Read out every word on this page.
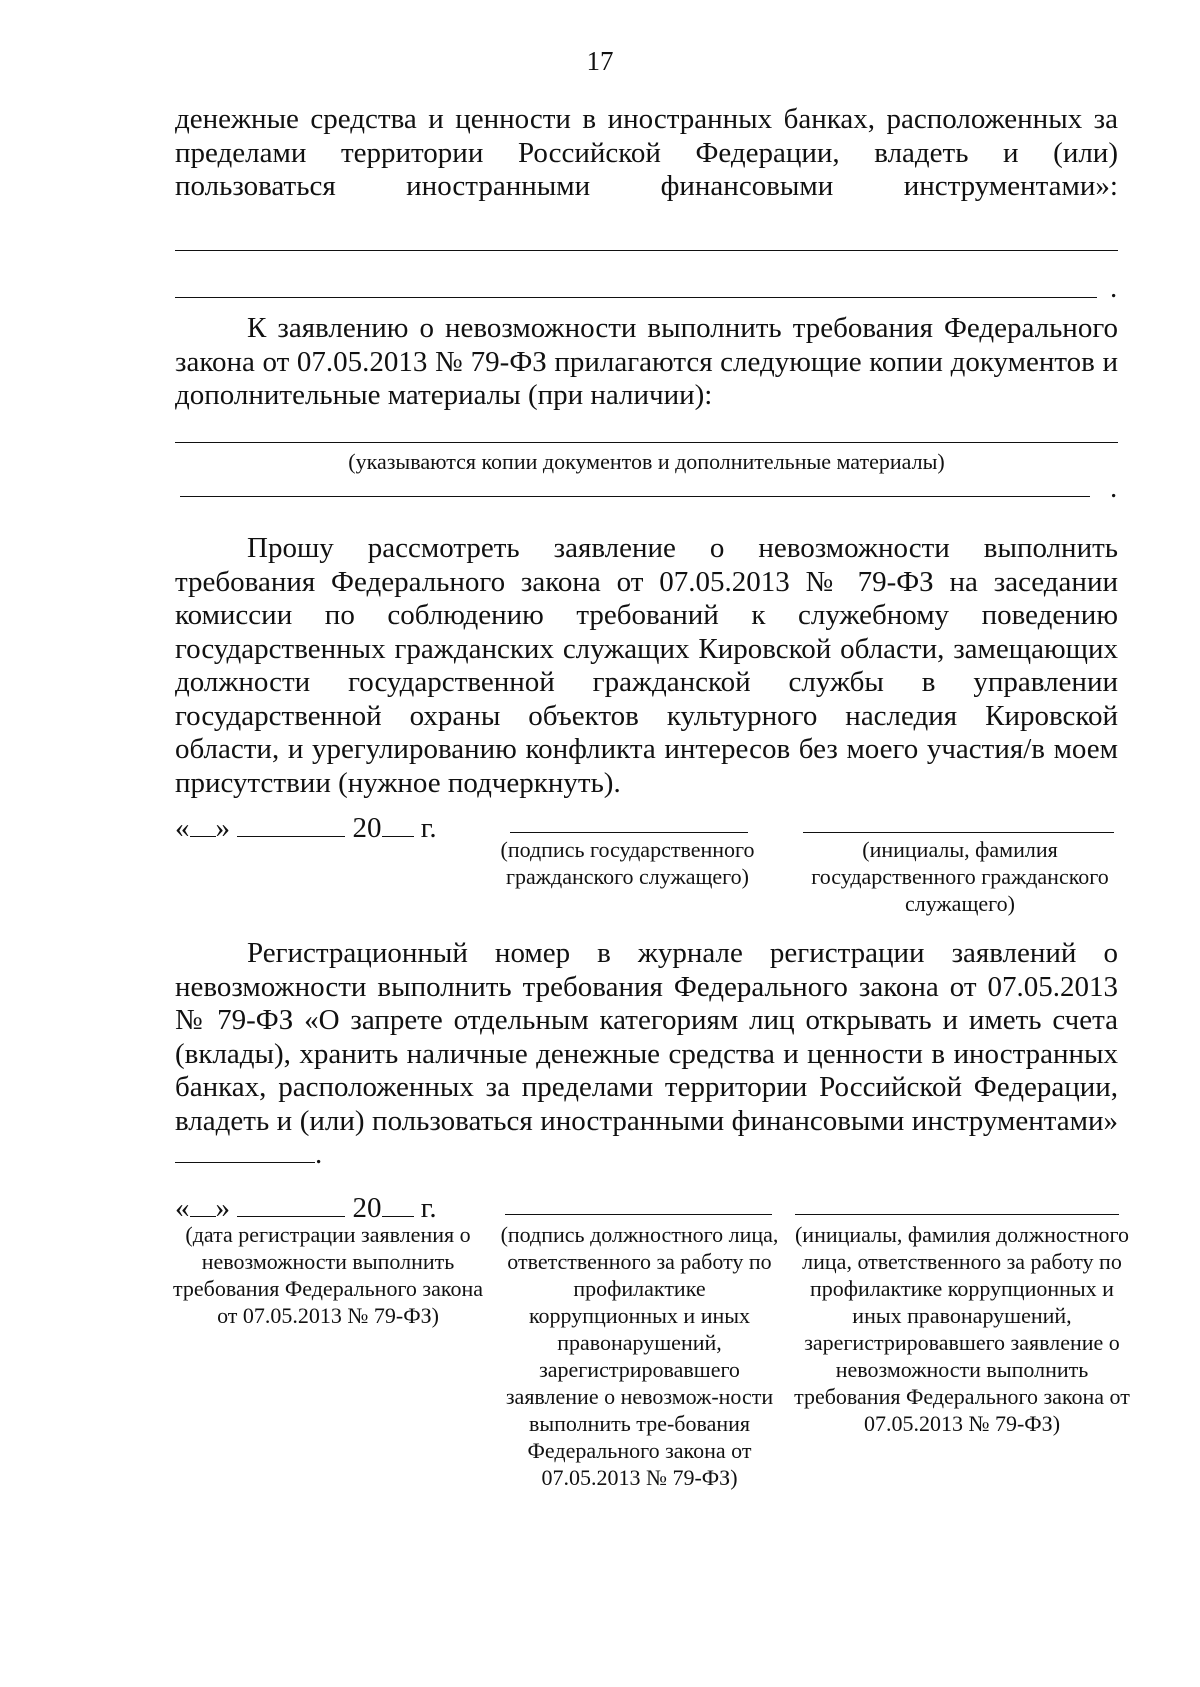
17
денежные средства и ценности в иностранных банках, расположенных за пределами территории Российской Федерации, владеть и (или) пользоваться иностранными финансовыми инструментами»:
.
К заявлению о невозможности выполнить требования Федерального закона от 07.05.2013 № 79-ФЗ прилагаются следующие копии документов и дополнительные материалы (при наличии):
(указываются копии документов и дополнительные материалы)
.
Прошу рассмотреть заявление о невозможности выполнить требования Федерального закона от 07.05.2013 № 79-ФЗ на заседании комиссии по соблюдению требований к служебному поведению государственных гражданских служащих Кировской области, замещающих должности государственной гражданской службы в управлении государственной охраны объектов культурного наследия Кировской области, и урегулированию конфликта интересов без моего участия/в моем присутствии (нужное подчеркнуть).
« »	20 г.
(подпись государственного гражданского служащего)
(инициалы, фамилия государственного гражданского служащего)
Регистрационный номер в журнале регистрации заявлений о невозможности выполнить требования Федерального закона от 07.05.2013 № 79-ФЗ «О запрете отдельным категориям лиц открывать и иметь счета (вклады), хранить наличные денежные средства и ценности в иностранных банках, расположенных за пределами территории Российской Федерации, владеть и (или) пользоваться иностранными финансовыми инструментами».
« »	20 г.
(дата регистрации заявления о невозможности выполнить требования Федерального закона от 07.05.2013 № 79-ФЗ)
(подпись должностного лица, ответственного за работу по профилактике коррупционных и иных правонарушений, зарегистрировавшего заявление о невозмож-ности выполнить тре-бования Федерального закона от 07.05.2013 № 79-ФЗ)
(инициалы, фамилия должностного лица, ответственного за работу по профилактике коррупционных и иных правонарушений, зарегистрировавшего заявление о невозможности выполнить требования Федерального закона от 07.05.2013 № 79-ФЗ)
